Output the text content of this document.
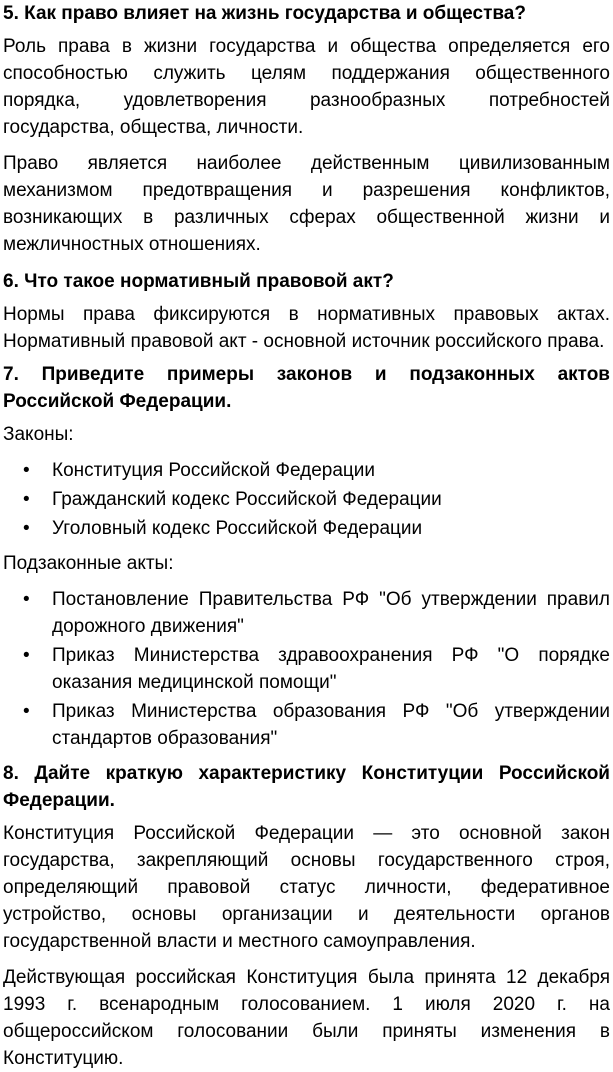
5. Как право влияет на жизнь государства и общества?

Роль права в жизни государства и общества определяется его способностью служить целям поддержания общественного порядка, удовлетворения разнообразных потребностей государства, общества, личности.

Право является наиболее действенным цивилизованным механизмом предотвращения и разрешения конфликтов, возникающих в различных сферах общественной жизни и межличностных отношениях.

6. Что такое нормативный правовой акт?

Нормы права фиксируются в нормативных правовых актах. Нормативный правовой акт - основной источник российского права.

7. Приведите примеры законов и подзаконных актов Российской Федерации.

Законы:

• Конституция Российской Федерации
• Гражданский кодекс Российской Федерации
• Уголовный кодекс Российской Федерации

Подзаконные акты:

• Постановление Правительства РФ "Об утверждении правил дорожного движения"
• Приказ Министерства здравоохранения РФ "О порядке оказания медицинской помощи"
• Приказ Министерства образования РФ "Об утверждении стандартов образования"
8. Дайте краткую характеристику Конституции Российской Федерации.

Конституция Российской Федерации — это основной закон государства, закрепляющий основы государственного строя, определяющий правовой статус личности, федеративное устройство, основы организации и деятельности органов государственной власти и местного самоуправления.

Действующая российская Конституция была принята 12 декабря 1993 г. всенародным голосованием. 1 июля 2020 г. на общероссийском голосовании были приняты изменения в Конституцию.
